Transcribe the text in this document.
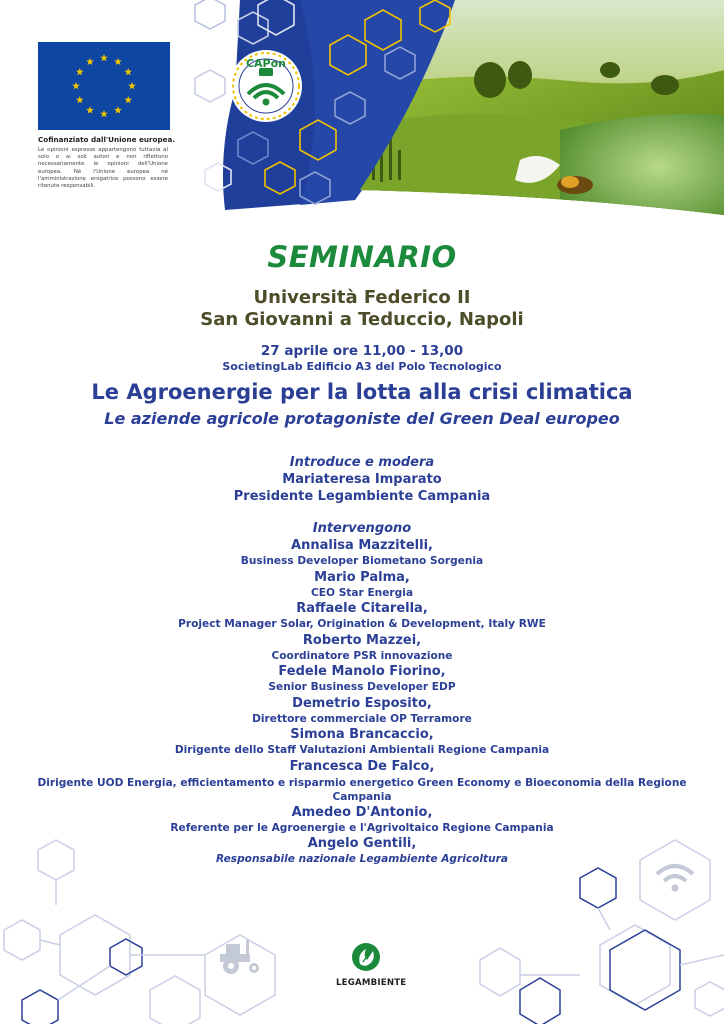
Cofinanziato dall'Unione europea.
Le opinioni espresse appartengono tuttavia al solo o ai soli autori e non riflettono necessariamente le opinioni dell'Unione europea. Né l'Unione europea né l'amministrazione erogatrice possono essere ritenute responsabili.
CAPon
SEMINARIO
Università Federico II
San Giovanni a Teduccio, Napoli
27 aprile ore 11,00 - 13,00
SocietingLab Edificio A3 del Polo Tecnologico
Le Agroenergie per la lotta alla crisi climatica
Le aziende agricole protagoniste del Green Deal europeo
Introduce e modera
Mariateresa Imparato
Presidente Legambiente Campania
Intervengono
Annalisa Mazzitelli,
Business Developer Biometano Sorgenia
Mario Palma,
CEO Star Energia
Raffaele Citarella,
Project Manager Solar, Origination & Development, Italy RWE
Roberto Mazzei,
Coordinatore PSR innovazione
Fedele Manolo Fiorino,
Senior Business Developer EDP
Demetrio Esposito,
Direttore commerciale OP Terramore
Simona Brancaccio,
Dirigente dello Staff Valutazioni Ambientali Regione Campania
Francesca De Falco,
Dirigente UOD Energia, efficientamento e risparmio energetico Green Economy e Bioeconomia della Regione Campania
Amedeo D'Antonio,
Referente per le Agroenergie e l'Agrivoltaico Regione Campania
Angelo Gentili,
Responsabile nazionale Legambiente Agricoltura
LEGAMBIENTE
